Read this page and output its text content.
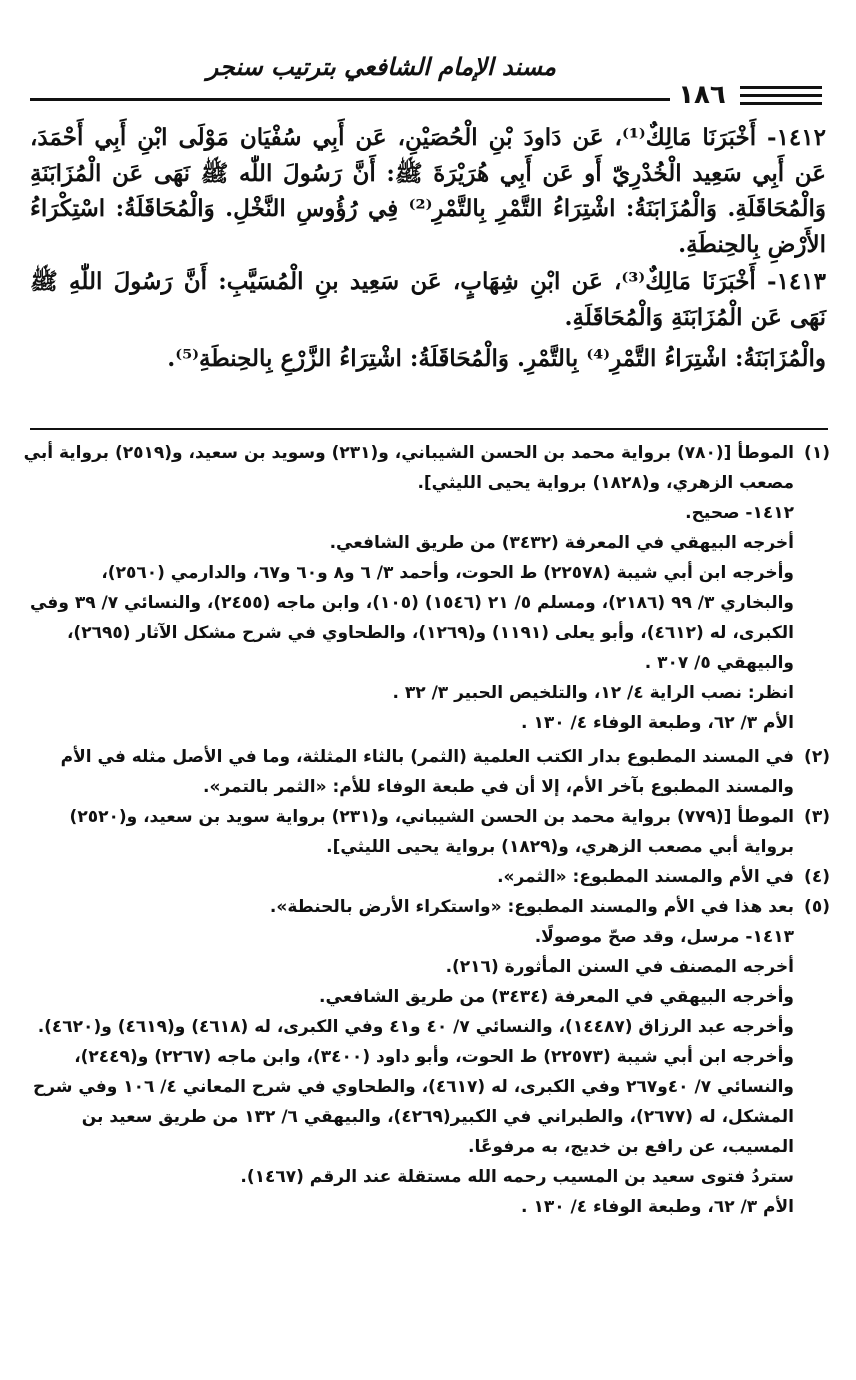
مسند الإمام الشافعي بترتيب سنجر
١٨٦

١٤١٢- أَخْبَرَنَا مَالِكٌ⁽¹⁾، عَن دَاودَ بْنِ الْحُصَيْنِ، عَن أَبِي سُفْيَان مَوْلَى ابْنِ أَبِي أَحْمَدَ، عَن أَبِي سَعِيد الْخُدْرِيّ أَو عَن أَبِي هُرَيْرَةَ ﷺ: أَنَّ رَسُولَ اللّٰه ﷺ نَهَى عَن الْمُزَابَنَةِ وَالْمُحَاقَلَةِ. وَالْمُزَابَنَةُ: اشْتِرَاءُ التَّمْرِ بِالتَّمْرِ⁽²⁾ فِي رُؤُوسِ النَّخْلِ. وَالْمُحَاقَلَةُ: اسْتِكْرَاءُ الأَرْضِ بِالحِنطَةِ.

١٤١٣- أَخْبَرَنَا مَالِكٌ⁽³⁾، عَن ابْنِ شِهَابٍ، عَن سَعِيد بنِ الْمُسَيَّبِ: أَنَّ رَسُولَ اللّٰهِ ﷺ نَهَى عَن الْمُزَابَنَةِ وَالْمُحَاقَلَةِ.

والْمُزَابَنَةُ: اشْتِرَاءُ التَّمْرِ⁽⁴⁾ بِالتَّمْرِ. وَالْمُحَاقَلَةُ: اشْتِرَاءُ الزَّرْعِ بِالحِنطَةِ⁽⁵⁾.

(١)الموطأ [(٧٨٠) برواية محمد بن الحسن الشيباني، و(٢٣١) وسويد بن سعيد، و(٢٥١٩) برواية أبي مصعب الزهري، و(١٨٢٨) برواية يحيى الليثي].

١٤١٢- صحيح.

أخرجه البيهقي في المعرفة (٣٤٣٢) من طريق الشافعي.

وأخرجه ابن أبي شيبة (٢٢٥٧٨) ط الحوت، وأحمد ٣/ ٦ و٨ و٦٠ و٦٧، والدارمي (٢٥٦٠)، والبخاري ٣/ ٩٩ (٢١٨٦)، ومسلم ٥/ ٢١ (١٥٤٦) (١٠٥)، وابن ماجه (٢٤٥٥)، والنسائي ٧/ ٣٩ وفي الكبرى، له (٤٦١٢)، وأبو يعلى (١١٩١) و(١٢٦٩)، والطحاوي في شرح مشكل الآثار (٢٦٩٥)، والبيهقي ٥/ ٣٠٧ .

انظر: نصب الراية ٤/ ١٢، والتلخيص الحبير ٣/ ٣٢ .

الأم ٣/ ٦٢، وطبعة الوفاء ٤/ ١٣٠ .

(٢)في المسند المطبوع بدار الكتب العلمية (الثمر) بالثاء المثلثة، وما في الأصل مثله في الأم والمسند المطبوع بآخر الأم، إلا أن في طبعة الوفاء للأم: «الثمر بالتمر».

(٣)الموطأ [(٧٧٩) برواية محمد بن الحسن الشيباني، و(٢٣١) برواية سويد بن سعيد، و(٢٥٢٠) برواية أبي مصعب الزهري، و(١٨٢٩) برواية يحيى الليثي].

(٤)في الأم والمسند المطبوع: «الثمر».

(٥)بعد هذا في الأم والمسند المطبوع: «واستكراء الأرض بالحنطة».

١٤١٣- مرسل، وقد صحّ موصولًا.

أخرجه المصنف في السنن المأثورة (٢١٦).

وأخرجه البيهقي في المعرفة (٣٤٣٤) من طريق الشافعي.

وأخرجه عبد الرزاق (١٤٤٨٧)، والنسائي ٧/ ٤٠ و٤١ وفي الكبرى، له (٤٦١٨) و(٤٦١٩) و(٤٦٢٠).

وأخرجه ابن أبي شيبة (٢٢٥٧٣) ط الحوت، وأبو داود (٣٤٠٠)، وابن ماجه (٢٢٦٧) و(٢٤٤٩)، والنسائي ٧/ ٤٠و٢٦٧ وفي الكبرى، له (٤٦١٧)، والطحاوي في شرح المعاني ٤/ ١٠٦ وفي شرح المشكل، له (٢٦٧٧)، والطبراني في الكبير(٤٢٦٩)، والبيهقي ٦/ ١٣٢ من طريق سعيد بن المسيب، عن رافع بن خديج، به مرفوعًا.

ستردُ فتوى سعيد بن المسيب رحمه الله مستقلة عند الرقم (١٤٦٧).

الأم ٣/ ٦٢، وطبعة الوفاء ٤/ ١٣٠ .
